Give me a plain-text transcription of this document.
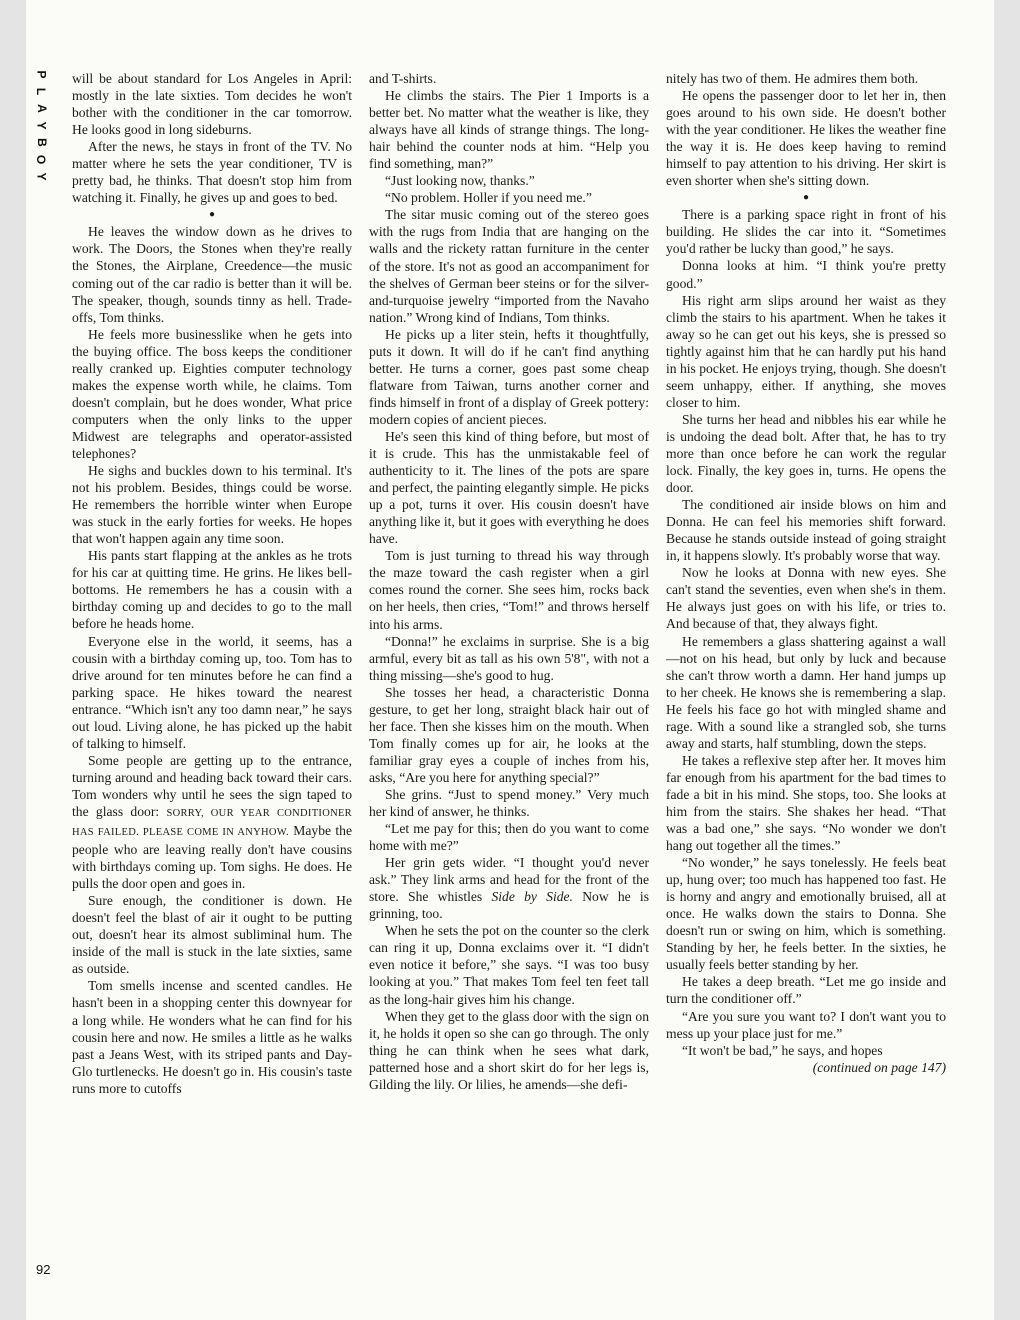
P
L
A
Y
B
O
Y

will be about standard for Los Angeles in April: mostly in the late sixties. Tom decides he won't bother with the conditioner in the car tomorrow. He looks good in long sideburns.

After the news, he stays in front of the TV. No matter where he sets the year conditioner, TV is pretty bad, he thinks. That doesn't stop him from watching it. Finally, he gives up and goes to bed.

●

He leaves the window down as he drives to work. The Doors, the Stones when they're really the Stones, the Airplane, Creedence—the music coming out of the car radio is better than it will be. The speaker, though, sounds tinny as hell. Trade-offs, Tom thinks.

He feels more businesslike when he gets into the buying office. The boss keeps the conditioner really cranked up. Eighties computer technology makes the expense worth while, he claims. Tom doesn't complain, but he does wonder, What price computers when the only links to the upper Midwest are telegraphs and operator-assisted telephones?

He sighs and buckles down to his terminal. It's not his problem. Besides, things could be worse. He remembers the horrible winter when Europe was stuck in the early forties for weeks. He hopes that won't happen again any time soon.

His pants start flapping at the ankles as he trots for his car at quitting time. He grins. He likes bell-bottoms. He remembers he has a cousin with a birthday coming up and decides to go to the mall before he heads home.

Everyone else in the world, it seems, has a cousin with a birthday coming up, too. Tom has to drive around for ten minutes before he can find a parking space. He hikes toward the nearest entrance. “Which isn't any too damn near,” he says out loud. Living alone, he has picked up the habit of talking to himself.

Some people are getting up to the entrance, turning around and heading back toward their cars. Tom wonders why until he sees the sign taped to the glass door: SORRY, OUR YEAR CONDITIONER HAS FAILED. PLEASE COME IN ANYHOW. Maybe the people who are leaving really don't have cousins with birthdays coming up. Tom sighs. He does. He pulls the door open and goes in.

Sure enough, the conditioner is down. He doesn't feel the blast of air it ought to be putting out, doesn't hear its almost subliminal hum. The inside of the mall is stuck in the late sixties, same as outside.

Tom smells incense and scented candles. He hasn't been in a shopping center this downyear for a long while. He wonders what he can find for his cousin here and now. He smiles a little as he walks past a Jeans West, with its striped pants and Day-Glo turtlenecks. He doesn't go in. His cousin's taste runs more to cutoffs

and T-shirts.

He climbs the stairs. The Pier 1 Imports is a better bet. No matter what the weather is like, they always have all kinds of strange things. The long-hair behind the counter nods at him. “Help you find something, man?”

“Just looking now, thanks.”

“No problem. Holler if you need me.”

The sitar music coming out of the stereo goes with the rugs from India that are hanging on the walls and the rickety rattan furniture in the center of the store. It's not as good an accompaniment for the shelves of German beer steins or for the silver-and-turquoise jewelry “imported from the Navaho nation.” Wrong kind of Indians, Tom thinks.

He picks up a liter stein, hefts it thoughtfully, puts it down. It will do if he can't find anything better. He turns a corner, goes past some cheap flatware from Taiwan, turns another corner and finds himself in front of a display of Greek pottery: modern copies of ancient pieces.

He's seen this kind of thing before, but most of it is crude. This has the unmistakable feel of authenticity to it. The lines of the pots are spare and perfect, the painting elegantly simple. He picks up a pot, turns it over. His cousin doesn't have anything like it, but it goes with everything he does have.

Tom is just turning to thread his way through the maze toward the cash register when a girl comes round the corner. She sees him, rocks back on her heels, then cries, “Tom!” and throws herself into his arms.

“Donna!” he exclaims in surprise. She is a big armful, every bit as tall as his own 5'8", with not a thing missing—she's good to hug.

She tosses her head, a characteristic Donna gesture, to get her long, straight black hair out of her face. Then she kisses him on the mouth. When Tom finally comes up for air, he looks at the familiar gray eyes a couple of inches from his, asks, “Are you here for anything special?”

She grins. “Just to spend money.” Very much her kind of answer, he thinks.

“Let me pay for this; then do you want to come home with me?”

Her grin gets wider. “I thought you'd never ask.” They link arms and head for the front of the store. She whistles Side by Side. Now he is grinning, too.

When he sets the pot on the counter so the clerk can ring it up, Donna exclaims over it. “I didn't even notice it before,” she says. “I was too busy looking at you.” That makes Tom feel ten feet tall as the long-hair gives him his change.

When they get to the glass door with the sign on it, he holds it open so she can go through. The only thing he can think when he sees what dark, patterned hose and a short skirt do for her legs is, Gilding the lily. Or lilies, he amends—she defi-

nitely has two of them. He admires them both.

He opens the passenger door to let her in, then goes around to his own side. He doesn't bother with the year conditioner. He likes the weather fine the way it is. He does keep having to remind himself to pay attention to his driving. Her skirt is even shorter when she's sitting down.

●

There is a parking space right in front of his building. He slides the car into it. “Sometimes you'd rather be lucky than good,” he says.

Donna looks at him. “I think you're pretty good.”

His right arm slips around her waist as they climb the stairs to his apartment. When he takes it away so he can get out his keys, she is pressed so tightly against him that he can hardly put his hand in his pocket. He enjoys trying, though. She doesn't seem unhappy, either. If anything, she moves closer to him.

She turns her head and nibbles his ear while he is undoing the dead bolt. After that, he has to try more than once before he can work the regular lock. Finally, the key goes in, turns. He opens the door.

The conditioned air inside blows on him and Donna. He can feel his memories shift forward. Because he stands outside instead of going straight in, it happens slowly. It's probably worse that way.

Now he looks at Donna with new eyes. She can't stand the seventies, even when she's in them. He always just goes on with his life, or tries to. And because of that, they always fight.

He remembers a glass shattering against a wall—not on his head, but only by luck and because she can't throw worth a damn. Her hand jumps up to her cheek. He knows she is remembering a slap. He feels his face go hot with mingled shame and rage. With a sound like a strangled sob, she turns away and starts, half stumbling, down the steps.

He takes a reflexive step after her. It moves him far enough from his apartment for the bad times to fade a bit in his mind. She stops, too. She looks at him from the stairs. She shakes her head. “That was a bad one,” she says. “No wonder we don't hang out together all the times.”

“No wonder,” he says tonelessly. He feels beat up, hung over; too much has happened too fast. He is horny and angry and emotionally bruised, all at once. He walks down the stairs to Donna. She doesn't run or swing on him, which is something. Standing by her, he feels better. In the sixties, he usually feels better standing by her.

He takes a deep breath. “Let me go inside and turn the conditioner off.”

“Are you sure you want to? I don't want you to mess up your place just for me.”

“It won't be bad,” he says, and hopes

(continued on page 147)

92
